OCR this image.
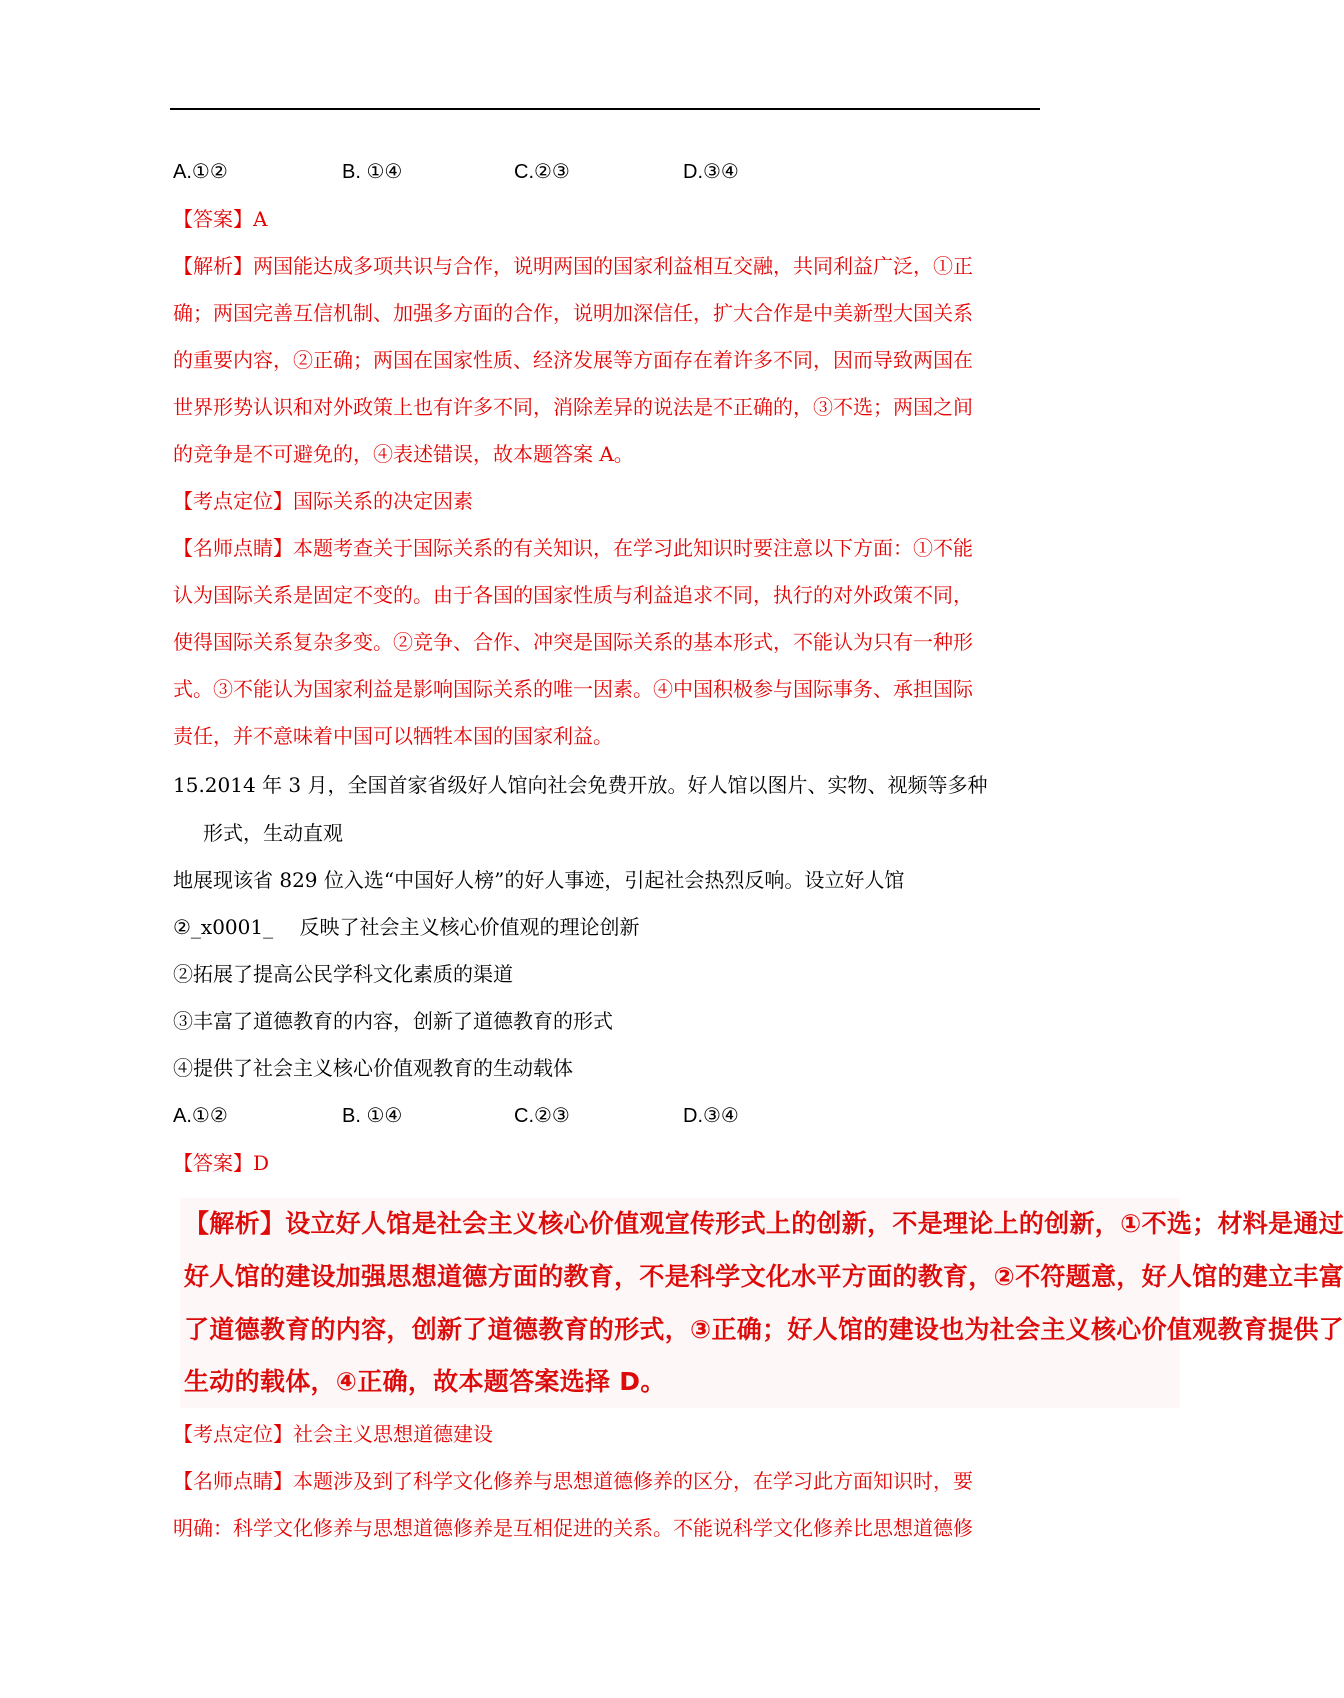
A.①②	B. ①④	C.②③	D.③④
【答案】A
【解析】两国能达成多项共识与合作，说明两国的国家利益相互交融，共同利益广泛，①正
确；两国完善互信机制、加强多方面的合作，说明加深信任，扩大合作是中美新型大国关系
的重要内容，②正确；两国在国家性质、经济发展等方面存在着许多不同，因而导致两国在
世界形势认识和对外政策上也有许多不同，消除差异的说法是不正确的，③不选；两国之间
的竞争是不可避免的，④表述错误，故本题答案 A。
【考点定位】国际关系的决定因素
【名师点睛】本题考查关于国际关系的有关知识，在学习此知识时要注意以下方面：①不能
认为国际关系是固定不变的。由于各国的国家性质与利益追求不同，执行的对外政策不同，
使得国际关系复杂多变。②竞争、合作、冲突是国际关系的基本形式，不能认为只有一种形
式。③不能认为国家利益是影响国际关系的唯一因素。④中国积极参与国际事务、承担国际
责任，并不意味着中国可以牺牲本国的国家利益。
15.2014 年 3 月，全国首家省级好人馆向社会免费开放。好人馆以图片、实物、视频等多种
形式，生动直观
地展现该省 829 位入选“中国好人榜”的好人事迹，引起社会热烈反响。设立好人馆
②_x0001_　 反映了社会主义核心价值观的理论创新
②拓展了提高公民学科文化素质的渠道
③丰富了道德教育的内容，创新了道德教育的形式
④提供了社会主义核心价值观教育的生动载体
A.①②	B. ①④	C.②③	D.③④
【答案】D
【解析】设立好人馆是社会主义核心价值观宣传形式上的创新，不是理论上的创新，①不选；材料是通过
好人馆的建设加强思想道德方面的教育，不是科学文化水平方面的教育，②不符题意，好人馆的建立丰富
了道德教育的内容，创新了道德教育的形式，③正确；好人馆的建设也为社会主义核心价值观教育提供了
生动的载体，④正确，故本题答案选择 D。
【考点定位】社会主义思想道德建设
【名师点睛】本题涉及到了科学文化修养与思想道德修养的区分，在学习此方面知识时，要
明确：科学文化修养与思想道德修养是互相促进的关系。不能说科学文化修养比思想道德修
